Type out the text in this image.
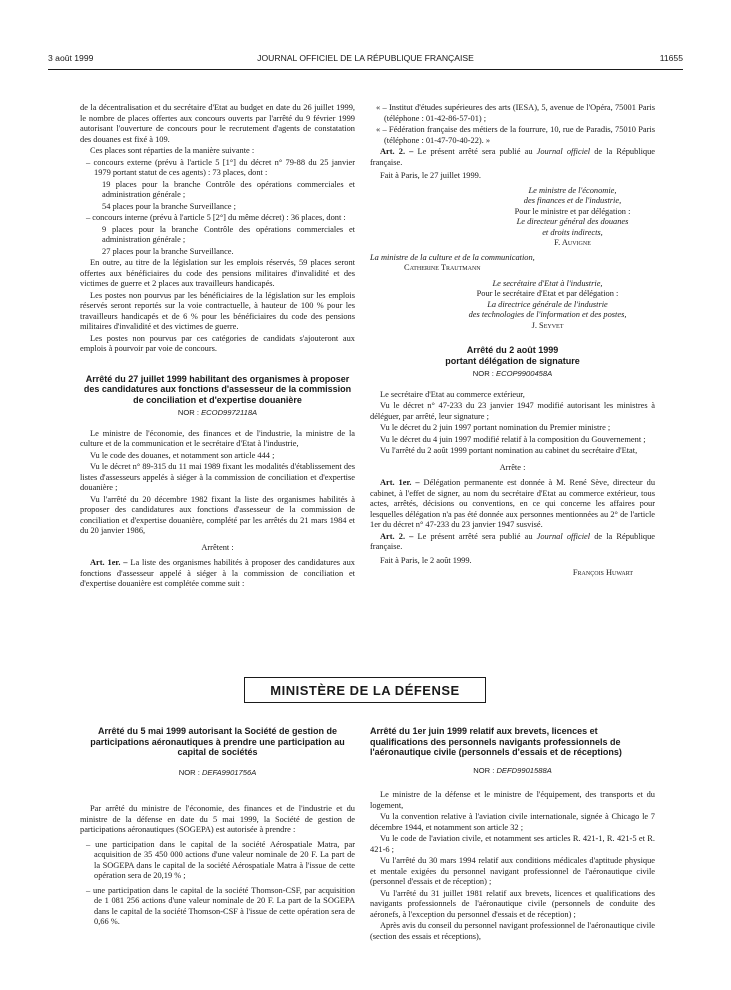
3 août 1999	JOURNAL OFFICIEL DE LA RÉPUBLIQUE FRANÇAISE	11655

de la décentralisation et du secrétaire d'Etat au budget en date du 26 juillet 1999, le nombre de places offertes aux concours ouverts par l'arrêté du 9 février 1999 autorisant l'ouverture de concours pour le recrutement d'agents de constatation des douanes est fixé à 109.

Ces places sont réparties de la manière suivante :

– concours externe (prévu à l'article 5 [1°] du décret n° 79-88 du 25 janvier 1979 portant statut de ces agents) : 73 places, dont :

19 places pour la branche Contrôle des opérations commerciales et administration générale ;

54 places pour la branche Surveillance ;

– concours interne (prévu à l'article 5 [2°] du même décret) : 36 places, dont :

9 places pour la branche Contrôle des opérations commerciales et administration générale ;

27 places pour la branche Surveillance.

En outre, au titre de la législation sur les emplois réservés, 59 places seront offertes aux bénéficiaires du code des pensions militaires d'invalidité et des victimes de guerre et 2 places aux travailleurs handicapés.

Les postes non pourvus par les bénéficiaires de la législation sur les emplois réservés seront reportés sur la voie contractuelle, à hauteur de 100 % pour les travailleurs handicapés et de 6 % pour les bénéficiaires du code des pensions militaires d'invalidité et des victimes de guerre.

Les postes non pourvus par ces catégories de candidats s'ajouteront aux emplois à pourvoir par voie de concours.

Arrêté du 27 juillet 1999 habilitant des organismes à proposer des candidatures aux fonctions d'assesseur de la commission de conciliation et d'expertise douanière
NOR : ECOD9972118A

Le ministre de l'économie, des finances et de l'industrie, la ministre de la culture et de la communication et le secrétaire d'Etat à l'industrie,

Vu le code des douanes, et notamment son article 444 ;

Vu le décret n° 89-315 du 11 mai 1989 fixant les modalités d'établissement des listes d'assesseurs appelés à siéger à la commission de conciliation et d'expertise douanière ;

Vu l'arrêté du 20 décembre 1982 fixant la liste des organismes habilités à proposer des candidatures aux fonctions d'assesseur de la commission de conciliation et d'expertise douanière, complété par les arrêtés du 21 mars 1984 et du 20 janvier 1986,

Arrêtent :

Art. 1er. – La liste des organismes habilités à proposer des candidatures aux fonctions d'assesseur appelé à siéger à la commission de conciliation et d'expertise douanière est complétée comme suit :

« – Institut d'études supérieures des arts (IESA), 5, avenue de l'Opéra, 75001 Paris (téléphone : 01-42-86-57-01) ;

« – Fédération française des métiers de la fourrure, 10, rue de Paradis, 75010 Paris (téléphone : 01-47-70-40-22). »

Art. 2. – Le présent arrêté sera publié au Journal officiel de la République française.

Fait à Paris, le 27 juillet 1999.

Le ministre de l'économie,

des finances et de l'industrie,

Pour le ministre et par délégation :

Le directeur général des douanes

et droits indirects,

F. Auvigne

La ministre de la culture et de la communication,

Catherine Trautmann

Le secrétaire d'Etat à l'industrie,

Pour le secrétaire d'Etat et par délégation :

La directrice générale de l'industrie

des technologies de l'information et des postes,

J. Seyvet

Arrêté du 2 août 1999
portant délégation de signature
NOR : ECOP9900458A

Le secrétaire d'Etat au commerce extérieur,

Vu le décret n° 47-233 du 23 janvier 1947 modifié autorisant les ministres à déléguer, par arrêté, leur signature ;

Vu le décret du 2 juin 1997 portant nomination du Premier ministre ;

Vu le décret du 4 juin 1997 modifié relatif à la composition du Gouvernement ;

Vu l'arrêté du 2 août 1999 portant nomination au cabinet du secrétaire d'Etat,

Arrête :

Art. 1er. – Délégation permanente est donnée à M. René Sève, directeur du cabinet, à l'effet de signer, au nom du secrétaire d'Etat au commerce extérieur, tous actes, arrêtés, décisions ou conventions, en ce qui concerne les affaires pour lesquelles délégation n'a pas été donnée aux personnes mentionnées au 2° de l'article 1er du décret n° 47-233 du 23 janvier 1947 susvisé.

Art. 2. – Le présent arrêté sera publié au Journal officiel de la République française.

Fait à Paris, le 2 août 1999.

François Huwart

MINISTÈRE DE LA DÉFENSE
Arrêté du 5 mai 1999 autorisant la Société de gestion de participations aéronautiques à prendre une participation au capital de sociétés
NOR : DEFA9901756A

Par arrêté du ministre de l'économie, des finances et de l'industrie et du ministre de la défense en date du 5 mai 1999, la Société de gestion de participations aéronautiques (SOGEPA) est autorisée à prendre :

– une participation dans le capital de la société Aérospatiale Matra, par acquisition de 35 450 000 actions d'une valeur nominale de 20 F. La part de la SOGEPA dans le capital de la société Aérospatiale Matra à l'issue de cette opération sera de 20,19 % ;

– une participation dans le capital de la société Thomson-CSF, par acquisition de 1 081 256 actions d'une valeur nominale de 20 F. La part de la SOGEPA dans le capital de la société Thomson-CSF à l'issue de cette opération sera de 0,66 %.

Arrêté du 1er juin 1999 relatif aux brevets, licences et qualifications des personnels navigants professionnels de l'aéronautique civile (personnels d'essais et de réceptions)
NOR : DEFD9901588A

Le ministre de la défense et le ministre de l'équipement, des transports et du logement,

Vu la convention relative à l'aviation civile internationale, signée à Chicago le 7 décembre 1944, et notamment son article 32 ;

Vu le code de l'aviation civile, et notamment ses articles R. 421-1, R. 421-5 et R. 421-6 ;

Vu l'arrêté du 30 mars 1994 relatif aux conditions médicales d'aptitude physique et mentale exigées du personnel navigant professionnel de l'aéronautique civile (personnel d'essais et de réception) ;

Vu l'arrêté du 31 juillet 1981 relatif aux brevets, licences et qualifications des navigants professionnels de l'aéronautique civile (personnels de conduite des aéronefs, à l'exception du personnel d'essais et de réception) ;

Après avis du conseil du personnel navigant professionnel de l'aéronautique civile (section des essais et réceptions),
